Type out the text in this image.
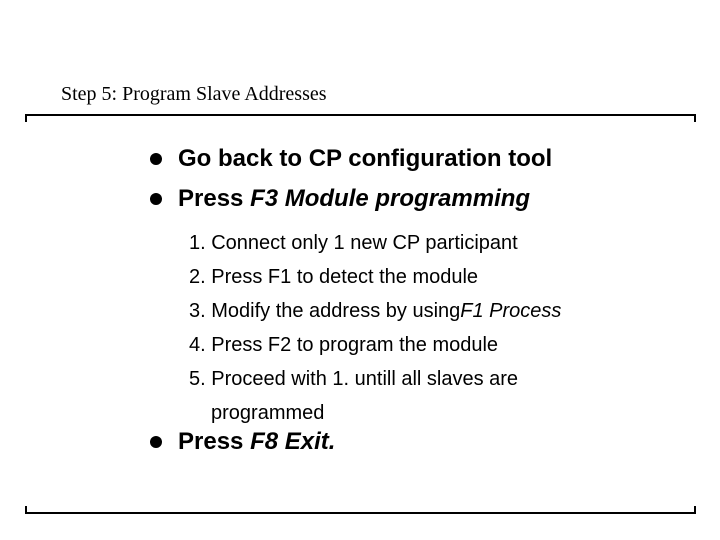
Step 5: Program Slave Addresses
Go back to CP configuration tool
Press
F3 Module programming
1. Connect only 1 new CP participant
2. Press F1 to detect the module
3. Modify the address by usingF1 Process
4. Press F2 to program the module
5. Proceed with 1. untill all slaves are
programmed
Press
F8 Exit.
